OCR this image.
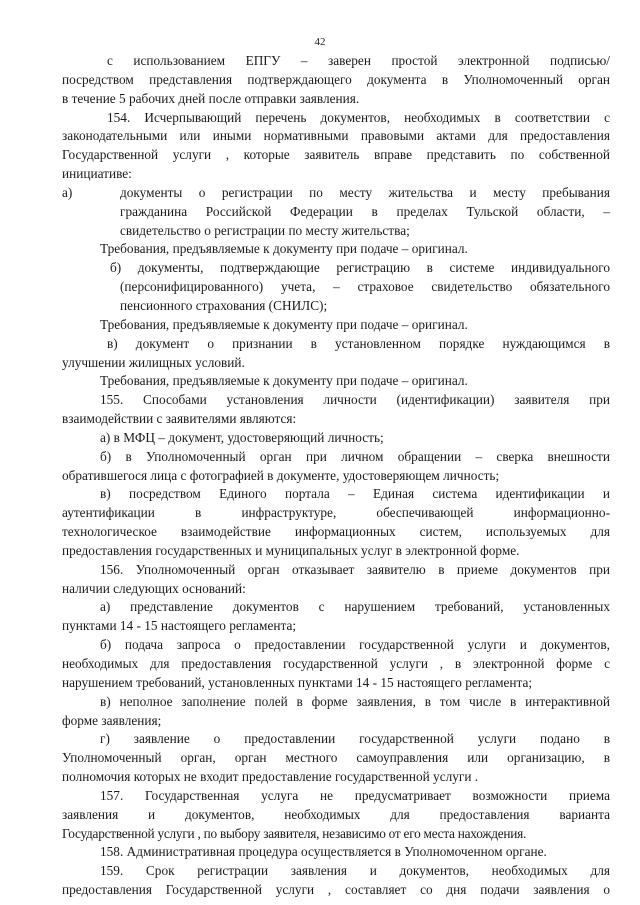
42
с использованием ЕПГУ – заверен простой электронной подписью/
посредством представления подтверждающего документа в Уполномоченный орган
в течение 5 рабочих дней после отправки заявления.
154. Исчерпывающий перечень документов, необходимых в соответствии с
законодательными или иными нормативными правовыми актами для предоставления
Государственной услуги , которые заявитель вправе представить по собственной
инициативе:
а)	документы о регистрации по месту жительства и месту пребывания
гражданина Российской Федерации в пределах Тульской области, –
свидетельство о регистрации по месту жительства;
Требования, предъявляемые к документу при подаче – оригинал.
б) документы, подтверждающие регистрацию в системе индивидуального
(персонифицированного) учета, – страховое свидетельство обязательного
пенсионного страхования (СНИЛС);
Требования, предъявляемые к документу при подаче – оригинал.
в) документ о признании в установленном порядке нуждающимся в
улучшении жилищных условий.
Требования, предъявляемые к документу при подаче – оригинал.
155. Способами установления личности (идентификации) заявителя при
взаимодействии с заявителями являются:
а) в МФЦ – документ, удостоверяющий личность;
б) в Уполномоченный орган при личном обращении – сверка внешности
обратившегося лица с фотографией в документе, удостоверяющем личность;
в) посредством Единого портала – Единая система идентификации и
аутентификации в инфраструктуре, обеспечивающей информационно-
технологическое взаимодействие информационных систем, используемых для
предоставления государственных и муниципальных услуг в электронной форме.
156. Уполномоченный орган отказывает заявителю в приеме документов при
наличии следующих оснований:
а) представление документов с нарушением требований, установленных
пунктами 14 - 15 настоящего регламента;
б) подача запроса о предоставлении государственной услуги и документов,
необходимых для предоставления государственной услуги , в электронной форме с
нарушением требований, установленных пунктами 14 - 15 настоящего регламента;
в) неполное заполнение полей в форме заявления, в том числе в интерактивной
форме заявления;
г) заявление о предоставлении государственной услуги подано в
Уполномоченный орган, орган местного самоуправления или организацию, в
полномочия которых не входит предоставление государственной услуги .
157. Государственная услуга не предусматривает возможности приема
заявления и документов, необходимых для предоставления варианта
Государственной услуги , по выбору заявителя, независимо от его места нахождения.
158. Административная процедура осуществляется в Уполномоченном органе.
159. Срок регистрации заявления и документов, необходимых для
предоставления Государственной услуги , составляет со дня подачи заявления о
